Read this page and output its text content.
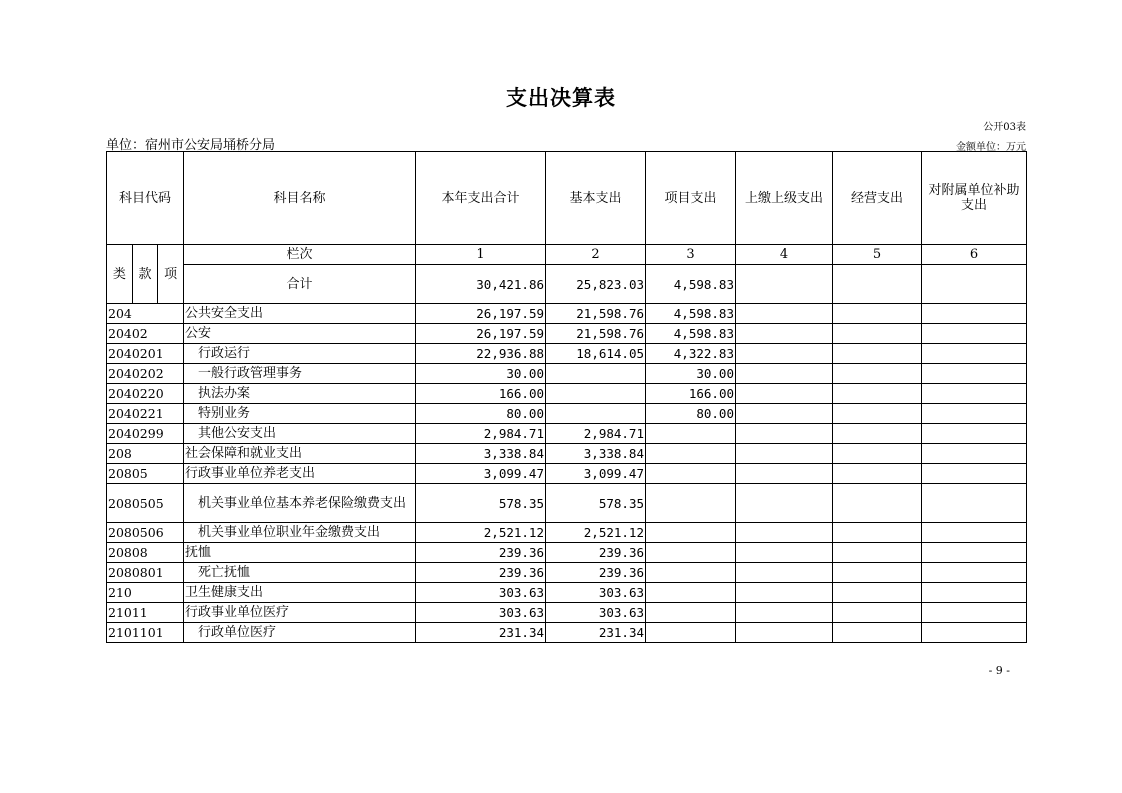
支出决算表
公开03表
单位：宿州市公安局埇桥分局	金额单位：万元
科目代码	科目名称	本年支出合计	基本支出	项目支出	上缴上级支出	经营支出	对附属单位补助支出

类 款 项	栏次	1	2	3	4	5	6
	合计	30,421.86	25,823.03	4,598.83			
204	公共安全支出	26,197.59	21,598.76	4,598.83			
20402	公安	26,197.59	21,598.76	4,598.83			
2040201	行政运行	22,936.88	18,614.05	4,322.83			
2040202	一般行政管理事务	30.00		30.00			
2040220	执法办案	166.00		166.00			
2040221	特别业务	80.00		80.00			
2040299	其他公安支出	2,984.71	2,984.71				
208	社会保障和就业支出	3,338.84	3,338.84				
20805	行政事业单位养老支出	3,099.47	3,099.47				
2080505	机关事业单位基本养老保险缴费支出	578.35	578.35				
2080506	机关事业单位职业年金缴费支出	2,521.12	2,521.12				
20808	抚恤	239.36	239.36				
2080801	死亡抚恤	239.36	239.36				
210	卫生健康支出	303.63	303.63				
21011	行政事业单位医疗	303.63	303.63				
2101101	行政单位医疗	231.34	231.34				
- 9 -
